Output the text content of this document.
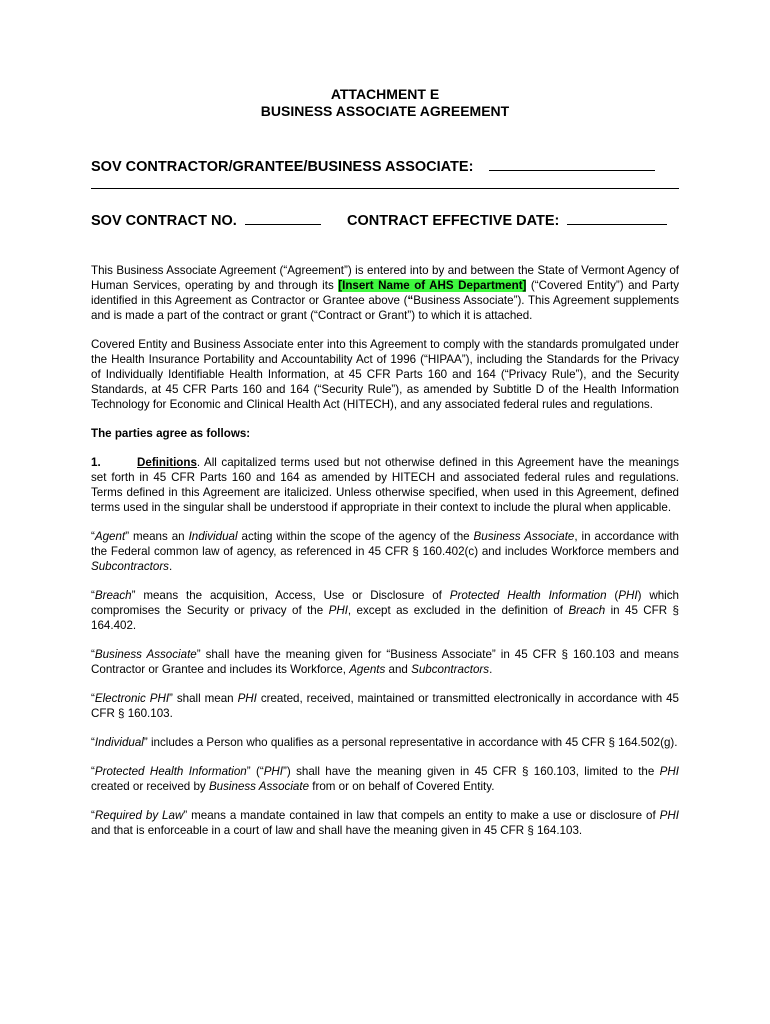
ATTACHMENT E
BUSINESS ASSOCIATE AGREEMENT
SOV CONTRACTOR/GRANTEE/BUSINESS ASSOCIATE:
SOV CONTRACT NO.	CONTRACT EFFECTIVE DATE:

This Business Associate Agreement (“Agreement”) is entered into by and between the State of Vermont Agency of Human Services, operating by and through its [Insert Name of AHS Department] (“Covered Entity”) and Party identified in this Agreement as Contractor or Grantee above (“Business Associate”). This Agreement supplements and is made a part of the contract or grant (“Contract or Grant”) to which it is attached.

Covered Entity and Business Associate enter into this Agreement to comply with the standards promulgated under the Health Insurance Portability and Accountability Act of 1996 (“HIPAA”), including the Standards for the Privacy of Individually Identifiable Health Information, at 45 CFR Parts 160 and 164 (“Privacy Rule”), and the Security Standards, at 45 CFR Parts 160 and 164 (“Security Rule”), as amended by Subtitle D of the Health Information Technology for Economic and Clinical Health Act (HITECH), and any associated federal rules and regulations.

The parties agree as follows:

1.	Definitions. All capitalized terms used but not otherwise defined in this Agreement have the meanings set forth in 45 CFR Parts 160 and 164 as amended by HITECH and associated federal rules and regulations. Terms defined in this Agreement are italicized. Unless otherwise specified, when used in this Agreement, defined terms used in the singular shall be understood if appropriate in their context to include the plural when applicable.

“Agent” means an Individual acting within the scope of the agency of the Business Associate, in accordance with the Federal common law of agency, as referenced in 45 CFR § 160.402(c) and includes Workforce members and Subcontractors.

“Breach” means the acquisition, Access, Use or Disclosure of Protected Health Information (PHI) which compromises the Security or privacy of the PHI, except as excluded in the definition of Breach in 45 CFR § 164.402.

“Business Associate” shall have the meaning given for “Business Associate” in 45 CFR § 160.103 and means Contractor or Grantee and includes its Workforce, Agents and Subcontractors.

“Electronic PHI” shall mean PHI created, received, maintained or transmitted electronically in accordance with 45 CFR § 160.103.

“Individual” includes a Person who qualifies as a personal representative in accordance with 45 CFR § 164.502(g).

“Protected Health Information” (“PHI”) shall have the meaning given in 45 CFR § 160.103, limited to the PHI created or received by Business Associate from or on behalf of Covered Entity.

“Required by Law” means a mandate contained in law that compels an entity to make a use or disclosure of PHI and that is enforceable in a court of law and shall have the meaning given in 45 CFR § 164.103.
